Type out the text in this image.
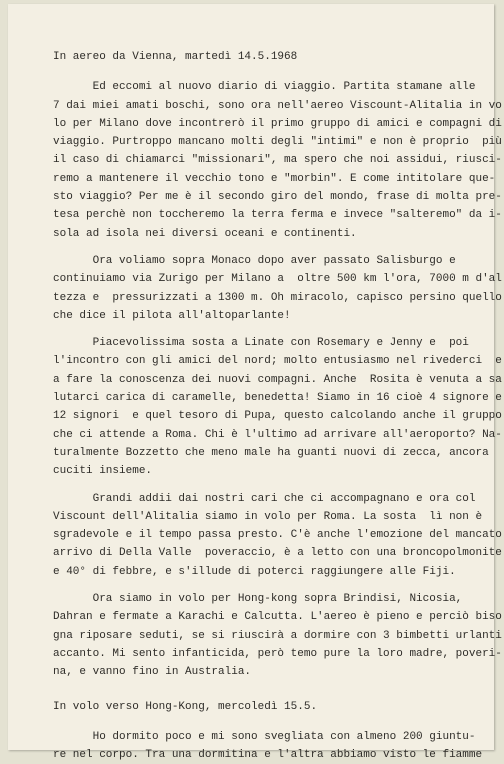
In aereo da Vienna, martedì 14.5.1968
Ed eccomi al nuovo diario di viaggio. Partita stamane alle
7 dai miei amati boschi, sono ora nell'aereo Viscount-Alitalia in vo
lo per Milano dove incontrerò il primo gruppo di amici e compagni di
viaggio. Purtroppo mancano molti degli "intimi" e non è proprio  più
il caso di chiamarci "missionari", ma spero che noi assidui, riusci-
remo a mantenere il vecchio tono e "morbin". E come intitolare que-
sto viaggio? Per me è il secondo giro del mondo, frase di molta pre-
tesa perchè non toccheremo la terra ferma e invece "salteremo" da i-
sola ad isola nei diversi oceani e continenti.
Ora voliamo sopra Monaco dopo aver passato Salisburgo e
continuiamo via Zurigo per Milano a  oltre 500 km l'ora, 7000 m d'al
tezza e  pressurizzati a 1300 m. Oh miracolo, capisco persino quello
che dice il pilota all'altoparlante!
Piacevolissima sosta a Linate con Rosemary e Jenny e  poi
l'incontro con gli amici del nord; molto entusiasmo nel rivederci  e
a fare la conoscenza dei nuovi compagni. Anche  Rosita è venuta a sa
lutarci carica di caramelle, benedetta! Siamo in 16 cioè 4 signore e
12 signori  e quel tesoro di Pupa, questo calcolando anche il gruppo
che ci attende a Roma. Chi è l'ultimo ad arrivare all'aeroporto? Na-
turalmente Bozzetto che meno male ha guanti nuovi di zecca, ancora
cuciti insieme.
Grandi addii dai nostri cari che ci accompagnano e ora col
Viscount dell'Alitalia siamo in volo per Roma. La sosta  lì non è
sgradevole e il tempo passa presto. C'è anche l'emozione del mancato
arrivo di Della Valle  poveraccio, è a letto con una broncopolmonite
e 40° di febbre, e s'illude di poterci raggiungere alle Fiji.
Ora siamo in volo per Hong-kong sopra Brindisi, Nicosia,
Dahran e fermate a Karachi e Calcutta. L'aereo è pieno e perciò biso
gna riposare seduti, se si riuscirà a dormire con 3 bimbetti urlanti
accanto. Mi sento infanticida, però temo pure la loro madre, poveri-
na, e vanno fino in Australia.
In volo verso Hong-Kong, mercoledì 15.5.
Ho dormito poco e mi sono svegliata con almeno 200 giuntu-
re nel corpo. Tra una dormitina e l'altra abbiamo visto le fiamme
